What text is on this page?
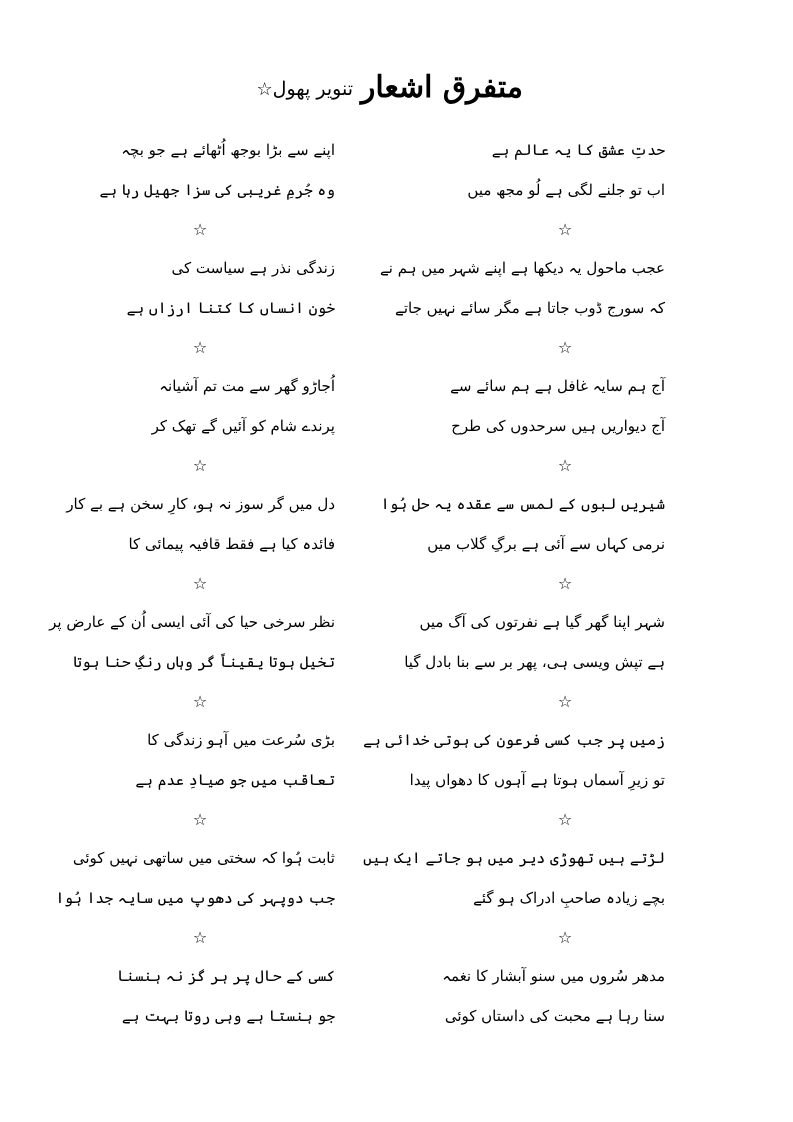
متفرق اشعار
تنویر پھول☆
حدتِ عشق کا یہ عالم ہے
اب تو جلنے لگی ہے لُو مجھ میں
☆
عجب ماحول یہ دیکھا ہے اپنے شہر میں ہم نے
کہ سورج ڈوب جاتا ہے مگر سائے نہیں جاتے
☆
آج ہم سایہ غافل ہے ہم سائے سے
آج دیواریں ہیں سرحدوں کی طرح
☆
شیریں لبوں کے لمس سے عقدہ یہ حل ہُوا
نرمی کہاں سے آئی ہے برگِ گلاب میں
☆
شہر اپنا گھر گیا ہے نفرتوں کی آگ میں
ہے تپش ویسی ہی، پھر بر سے بنا بادل گیا
☆
زمیں پر جب کسی فرعون کی ہوتی خدائی ہے
تو زیرِ آسماں ہوتا ہے آہوں کا دھواں پیدا
☆
لڑتے ہیں تھوڑی دیر میں ہو جاتے ایک ہیں
بچے زیادہ صاحبِ ادراک ہو گئے
☆
مدھر سُروں میں سنو آبشار کا نغمہ
سنا رہا ہے محبت کی داستاں کوئی
اپنے سے بڑا بوجھ اُٹھائے ہے جو بچہ
وہ جُرمِ غریبی کی سزا جھیل رہا ہے
☆
زندگی نذر ہے سیاست کی
خونِ انساں کا کتنا ارزاں ہے
☆
اُجاڑو گھر سے مت تم آشیانہ
پرندے شام کو آئیں گے تھک کر
☆
دل میں گر سوز نہ ہو، کارِ سخن ہے بے کار
فائدہ کیا ہے فقط قافیہ پیمائی کا
☆
نظر سرخی حیا کی آئی ایسی اُن کے عارض پر
تخیل ہوتا یقیناً گر وہاں رنگِ حنا ہوتا
☆
بڑی سُرعت میں آہو زندگی کا
تعاقب میں جو صیادِ عدم ہے
☆
ثابت ہُوا کہ سختی میں ساتھی نہیں کوئی
جب دوپہر کی دھوپ میں سایہ جدا ہُوا
☆
کسی کے حال پر ہر گز نہ ہنسنا
جو ہنستا ہے وہی روتا بہت ہے
